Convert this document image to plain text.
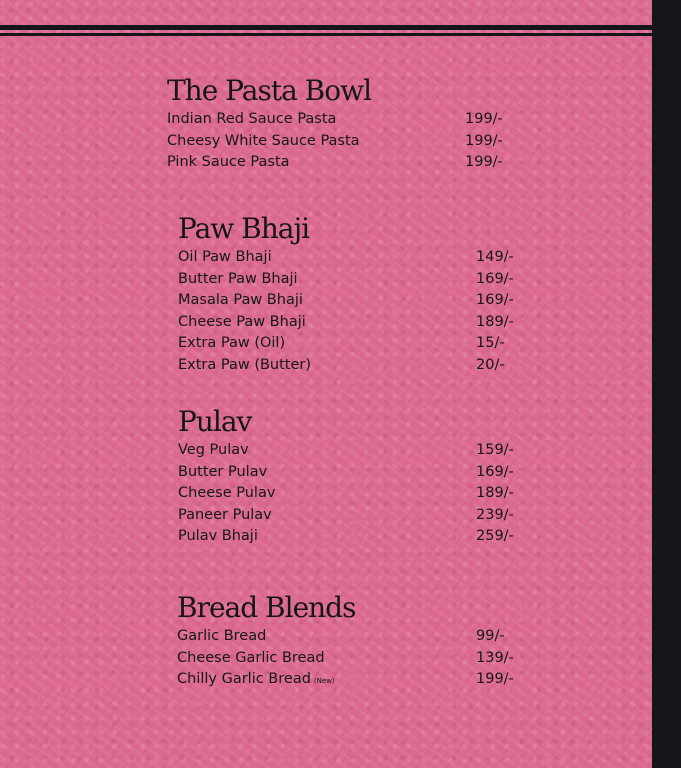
The Pasta Bowl
Indian Red Sauce Pasta	199/-
Cheesy White Sauce Pasta	199/-
Pink Sauce Pasta	199/-
Paw Bhaji
Oil Paw Bhaji	149/-
Butter Paw Bhaji	169/-
Masala Paw Bhaji	169/-
Cheese Paw Bhaji	189/-
Extra Paw (Oil)	15/-
Extra Paw (Butter)	20/-
Pulav
Veg Pulav	159/-
Butter Pulav	169/-
Cheese Pulav	189/-
Paneer Pulav	239/-
Pulav Bhaji	259/-
Bread Blends
Garlic Bread	99/-
Cheese Garlic Bread	139/-
Chilly Garlic Bread (New)	199/-
